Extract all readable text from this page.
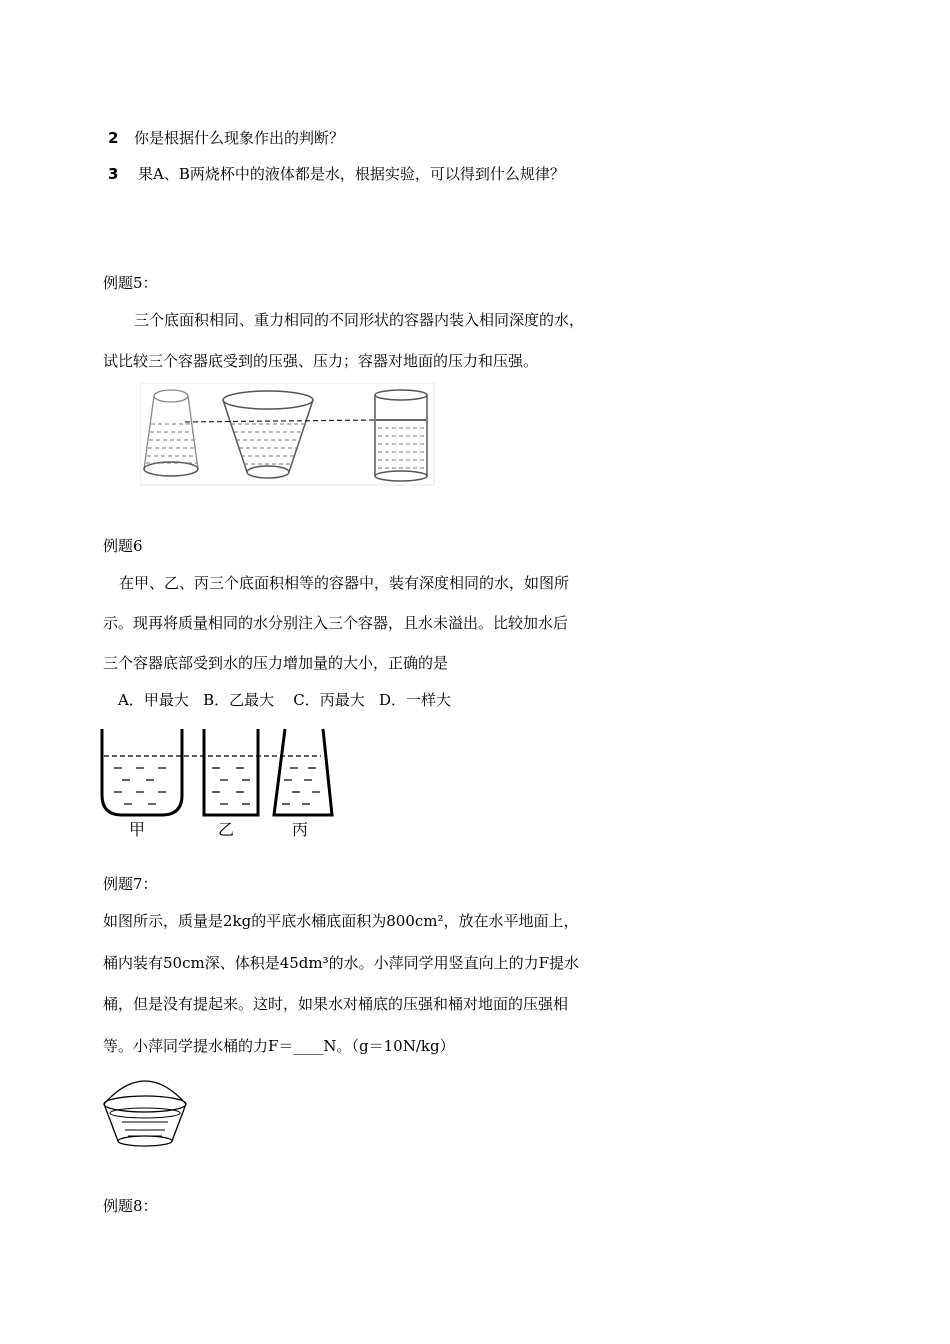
2 你是根据什么现象作出的判断？
3 果A、B两烧杯中的液体都是水，根据实验，可以得到什么规律？
例题5：
三个底面积相同、重力相同的不同形状的容器内装入相同深度的水，
试比较三个容器底受到的压强、压力；容器对地面的压力和压强。
例题6
在甲、乙、丙三个底面积相等的容器中，装有深度相同的水，如图所
示。现再将质量相同的水分别注入三个容器，且水未溢出。比较加水后
三个容器底部受到水的压力增加量的大小，正确的是
A．甲最大   B．乙最大    C．丙最大   D．一样大
甲	乙	丙
例题7：
如图所示，质量是2kg的平底水桶底面积为800cm²，放在水平地面上，
桶内装有50cm深、体积是45dm³的水。小萍同学用竖直向上的力F提水
桶，但是没有提起来。这时，如果水对桶底的压强和桶对地面的压强相
等。小萍同学提水桶的力F＝____N。（g＝10N/kg）
例题8：
